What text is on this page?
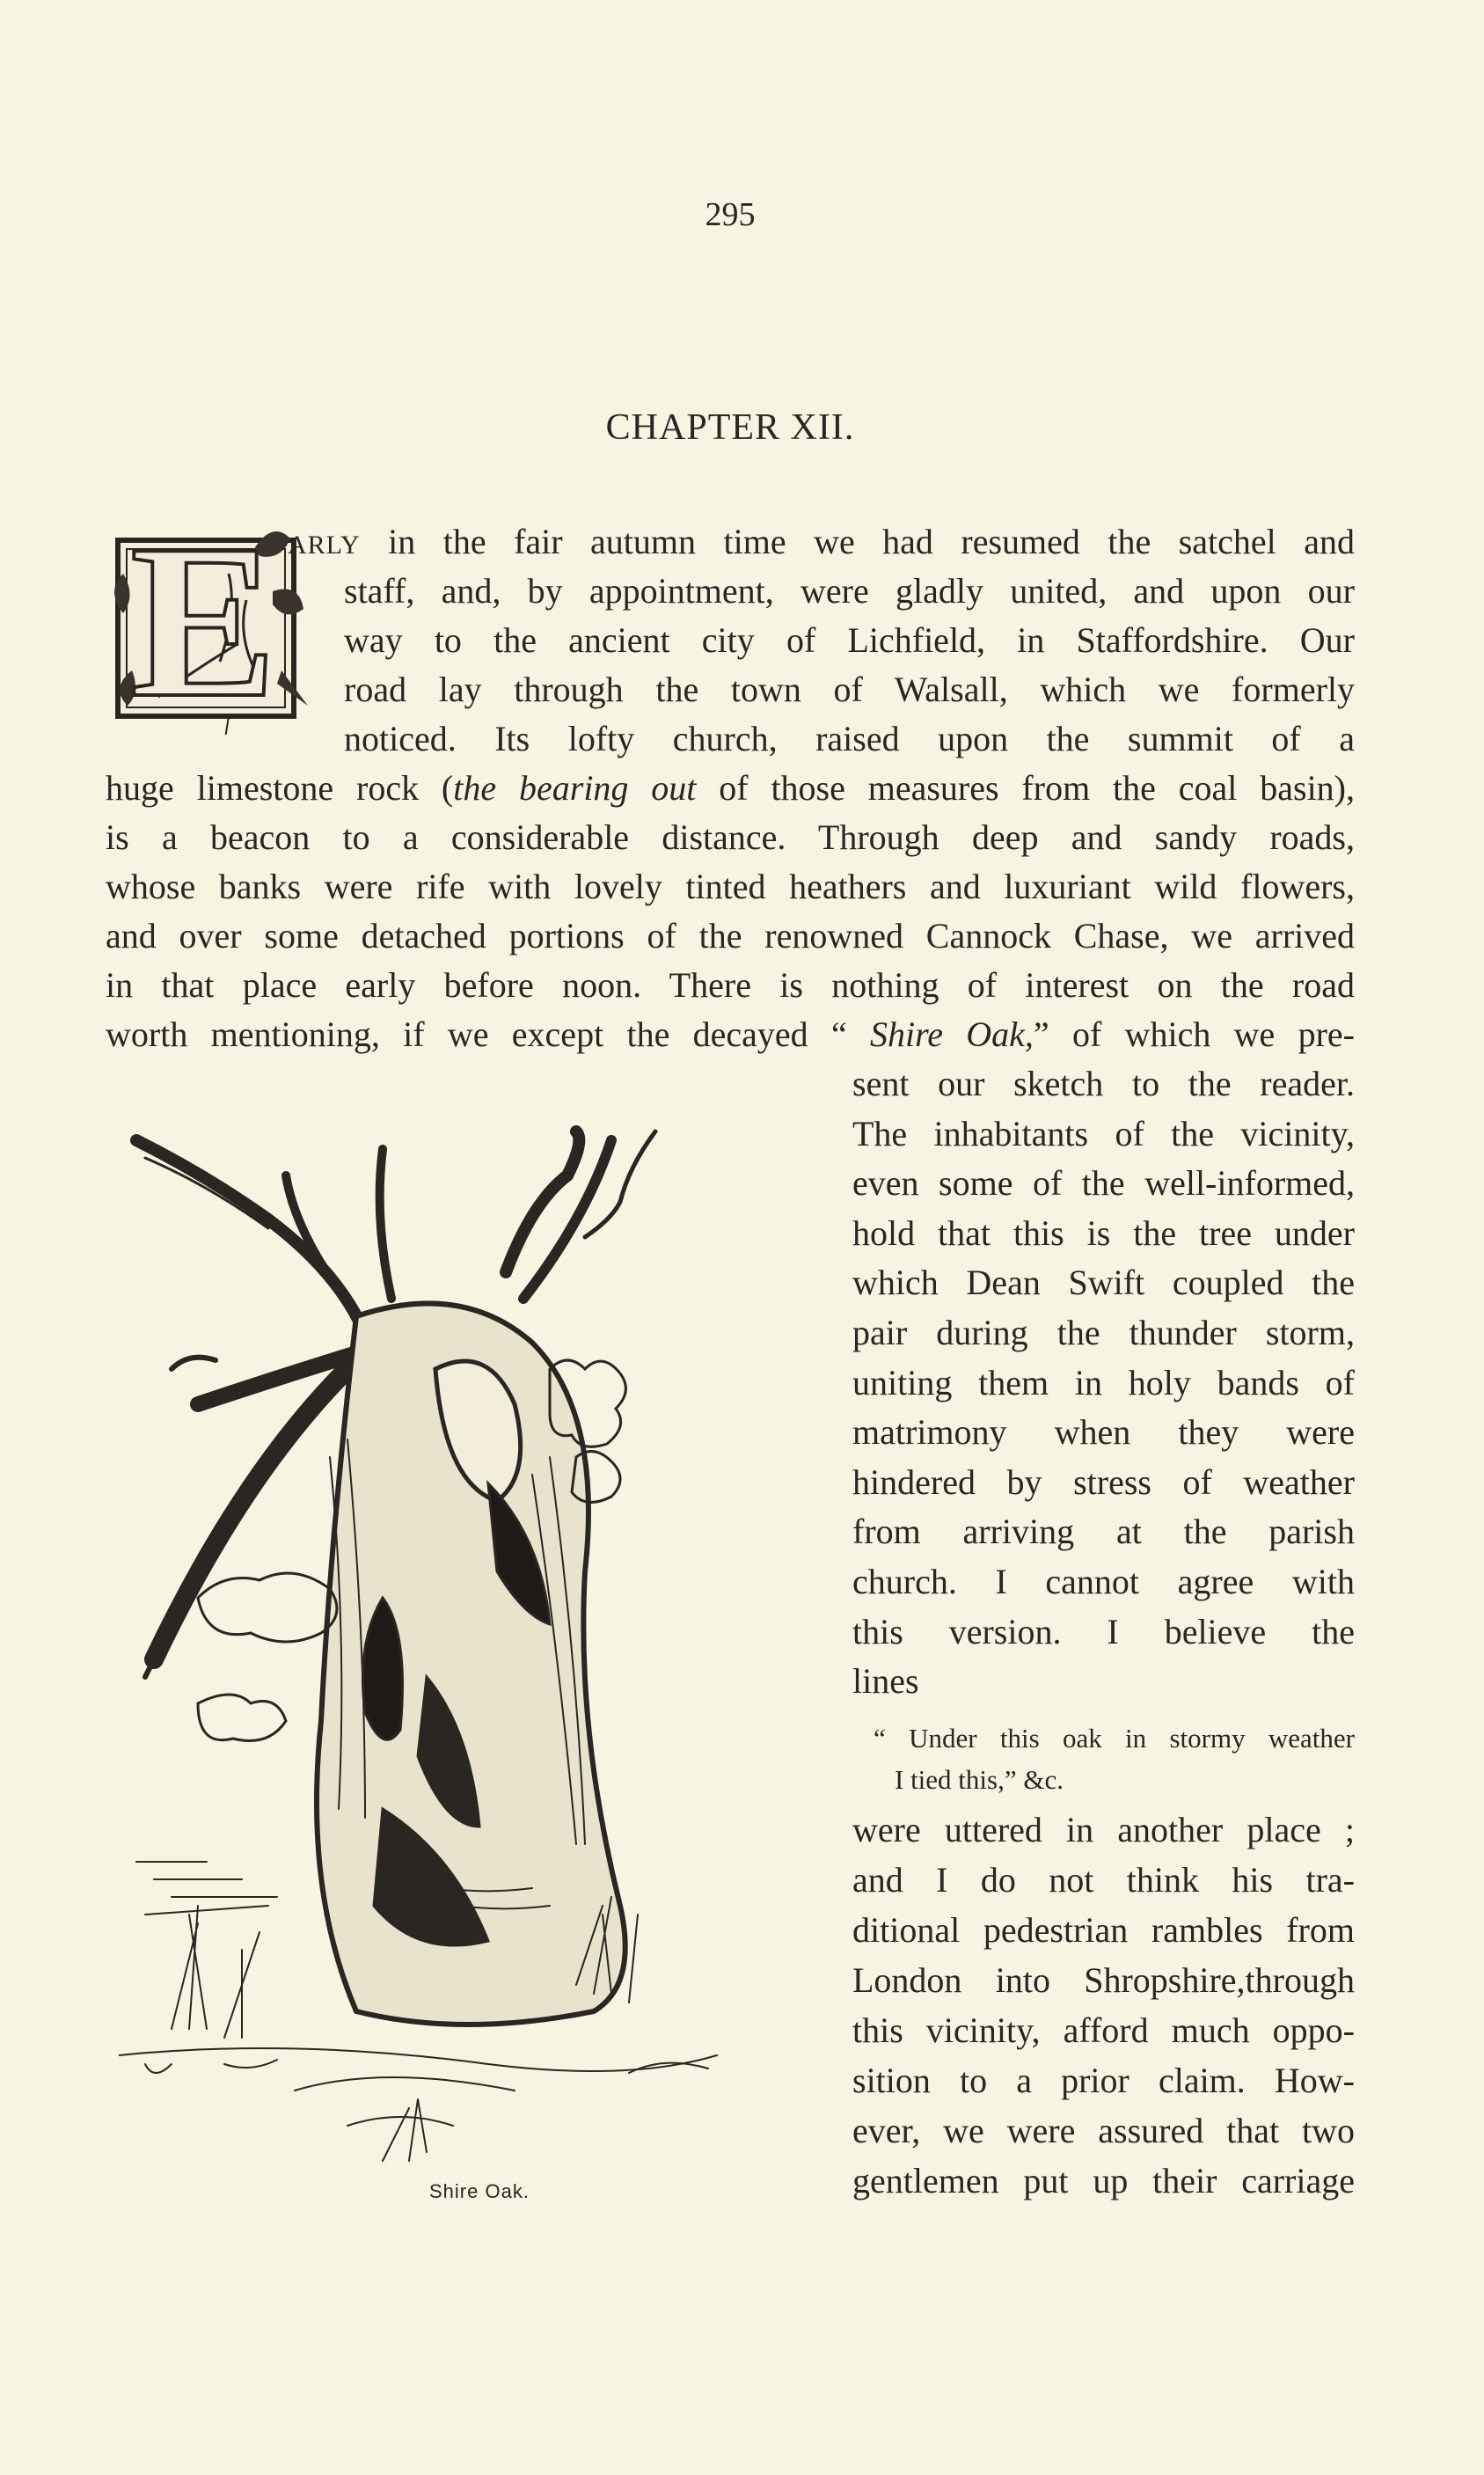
295
CHAPTER XII.
E ARLY in the fair autumn time we had resumed the satchel and
staff, and, by appointment, were gladly united, and upon our
way to the ancient city of Lichfield, in Staffordshire. Our
road lay through the town of Walsall, which we formerly
noticed. Its lofty church, raised upon the summit of a
huge limestone rock (the bearing out of those measures from the coal basin),
is a beacon to a considerable distance. Through deep and sandy roads,
whose banks were rife with lovely tinted heathers and luxuriant wild flowers,
and over some detached portions of the renowned Cannock Chase, we arrived
in that place early before noon. There is nothing of interest on the road
worth mentioning, if we except the decayed “ Shire Oak,” of which we pre-
sent our sketch to the reader.
The inhabitants of the vicinity,
even some of the well-informed,
hold that this is the tree under
which Dean Swift coupled the
pair during the thunder storm,
uniting them in holy bands of
matrimony when they were
hindered by stress of weather
from arriving at the parish
church. I cannot agree with
this version. I believe the
lines
“ Under this oak in stormy weather
I tied this,” &c.
were uttered in another place ;
and I do not think his tra-
ditional pedestrian rambles from
London into Shropshire,through
this vicinity, afford much oppo-
sition to a prior claim. How-
ever, we were assured that two
gentlemen put up their carriage
Shire Oak.
